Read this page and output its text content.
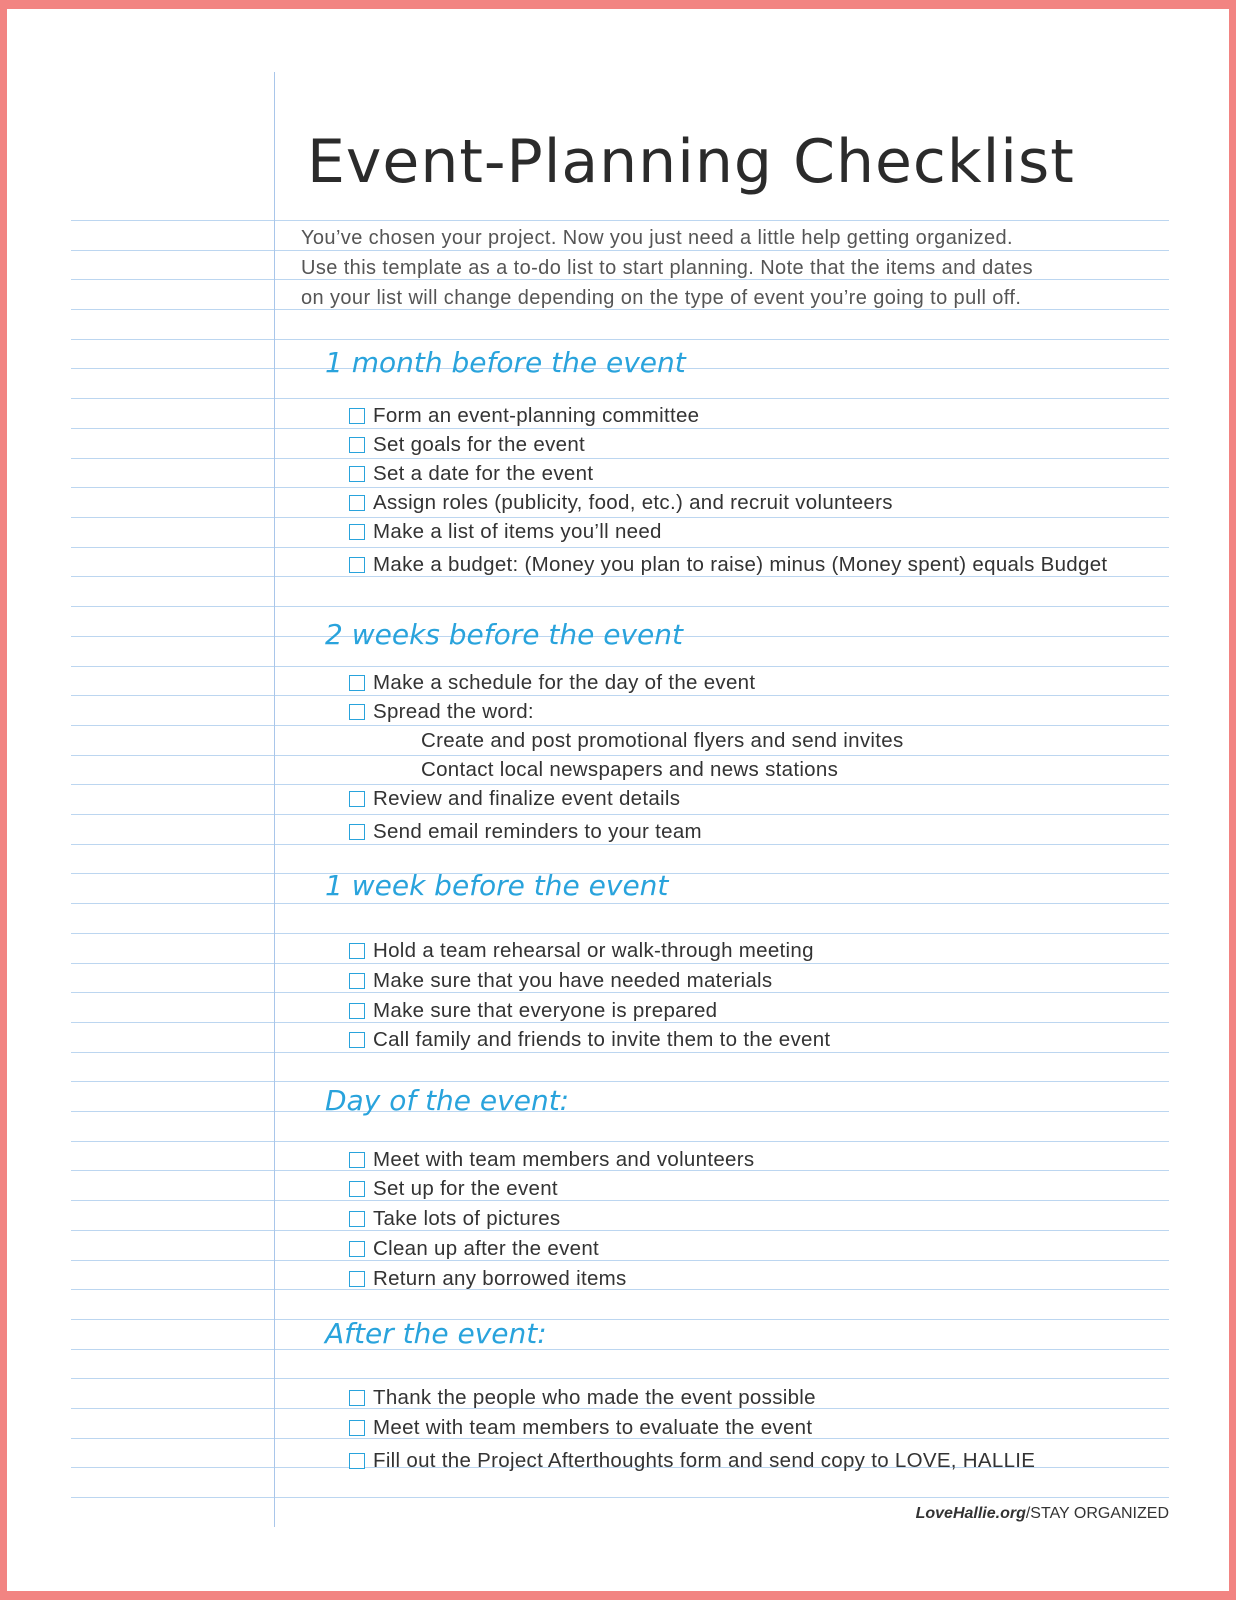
Event-Planning Checklist
You’ve chosen your project. Now you just need a little help getting organized.
Use this template as a to-do list to start planning. Note that the items and dates
on your list will change depending on the type of event you’re going to pull off.
1 month before the event
Form an event-planning committee
Set goals for the event
Set a date for the event
Assign roles (publicity, food, etc.) and recruit volunteers
Make a list of items you’ll need
Make a budget: (Money you plan to raise) minus (Money spent) equals Budget
2 weeks before the event
Make a schedule for the day of the event
Spread the word:
Create and post promotional flyers and send invites
Contact local newspapers and news stations
Review and finalize event details
Send email reminders to your team
1 week before the event
Hold a team rehearsal or walk-through meeting
Make sure that you have needed materials
Make sure that everyone is prepared
Call family and friends to invite them to the event
Day of the event:
Meet with team members and volunteers
Set up for the event
Take lots of pictures
Clean up after the event
Return any borrowed items
After the event:
Thank the people who made the event possible
Meet with team members to evaluate the event
Fill out the Project Afterthoughts form and send copy to LOVE, HALLIE
LoveHallie.org/STAY ORGANIZED
